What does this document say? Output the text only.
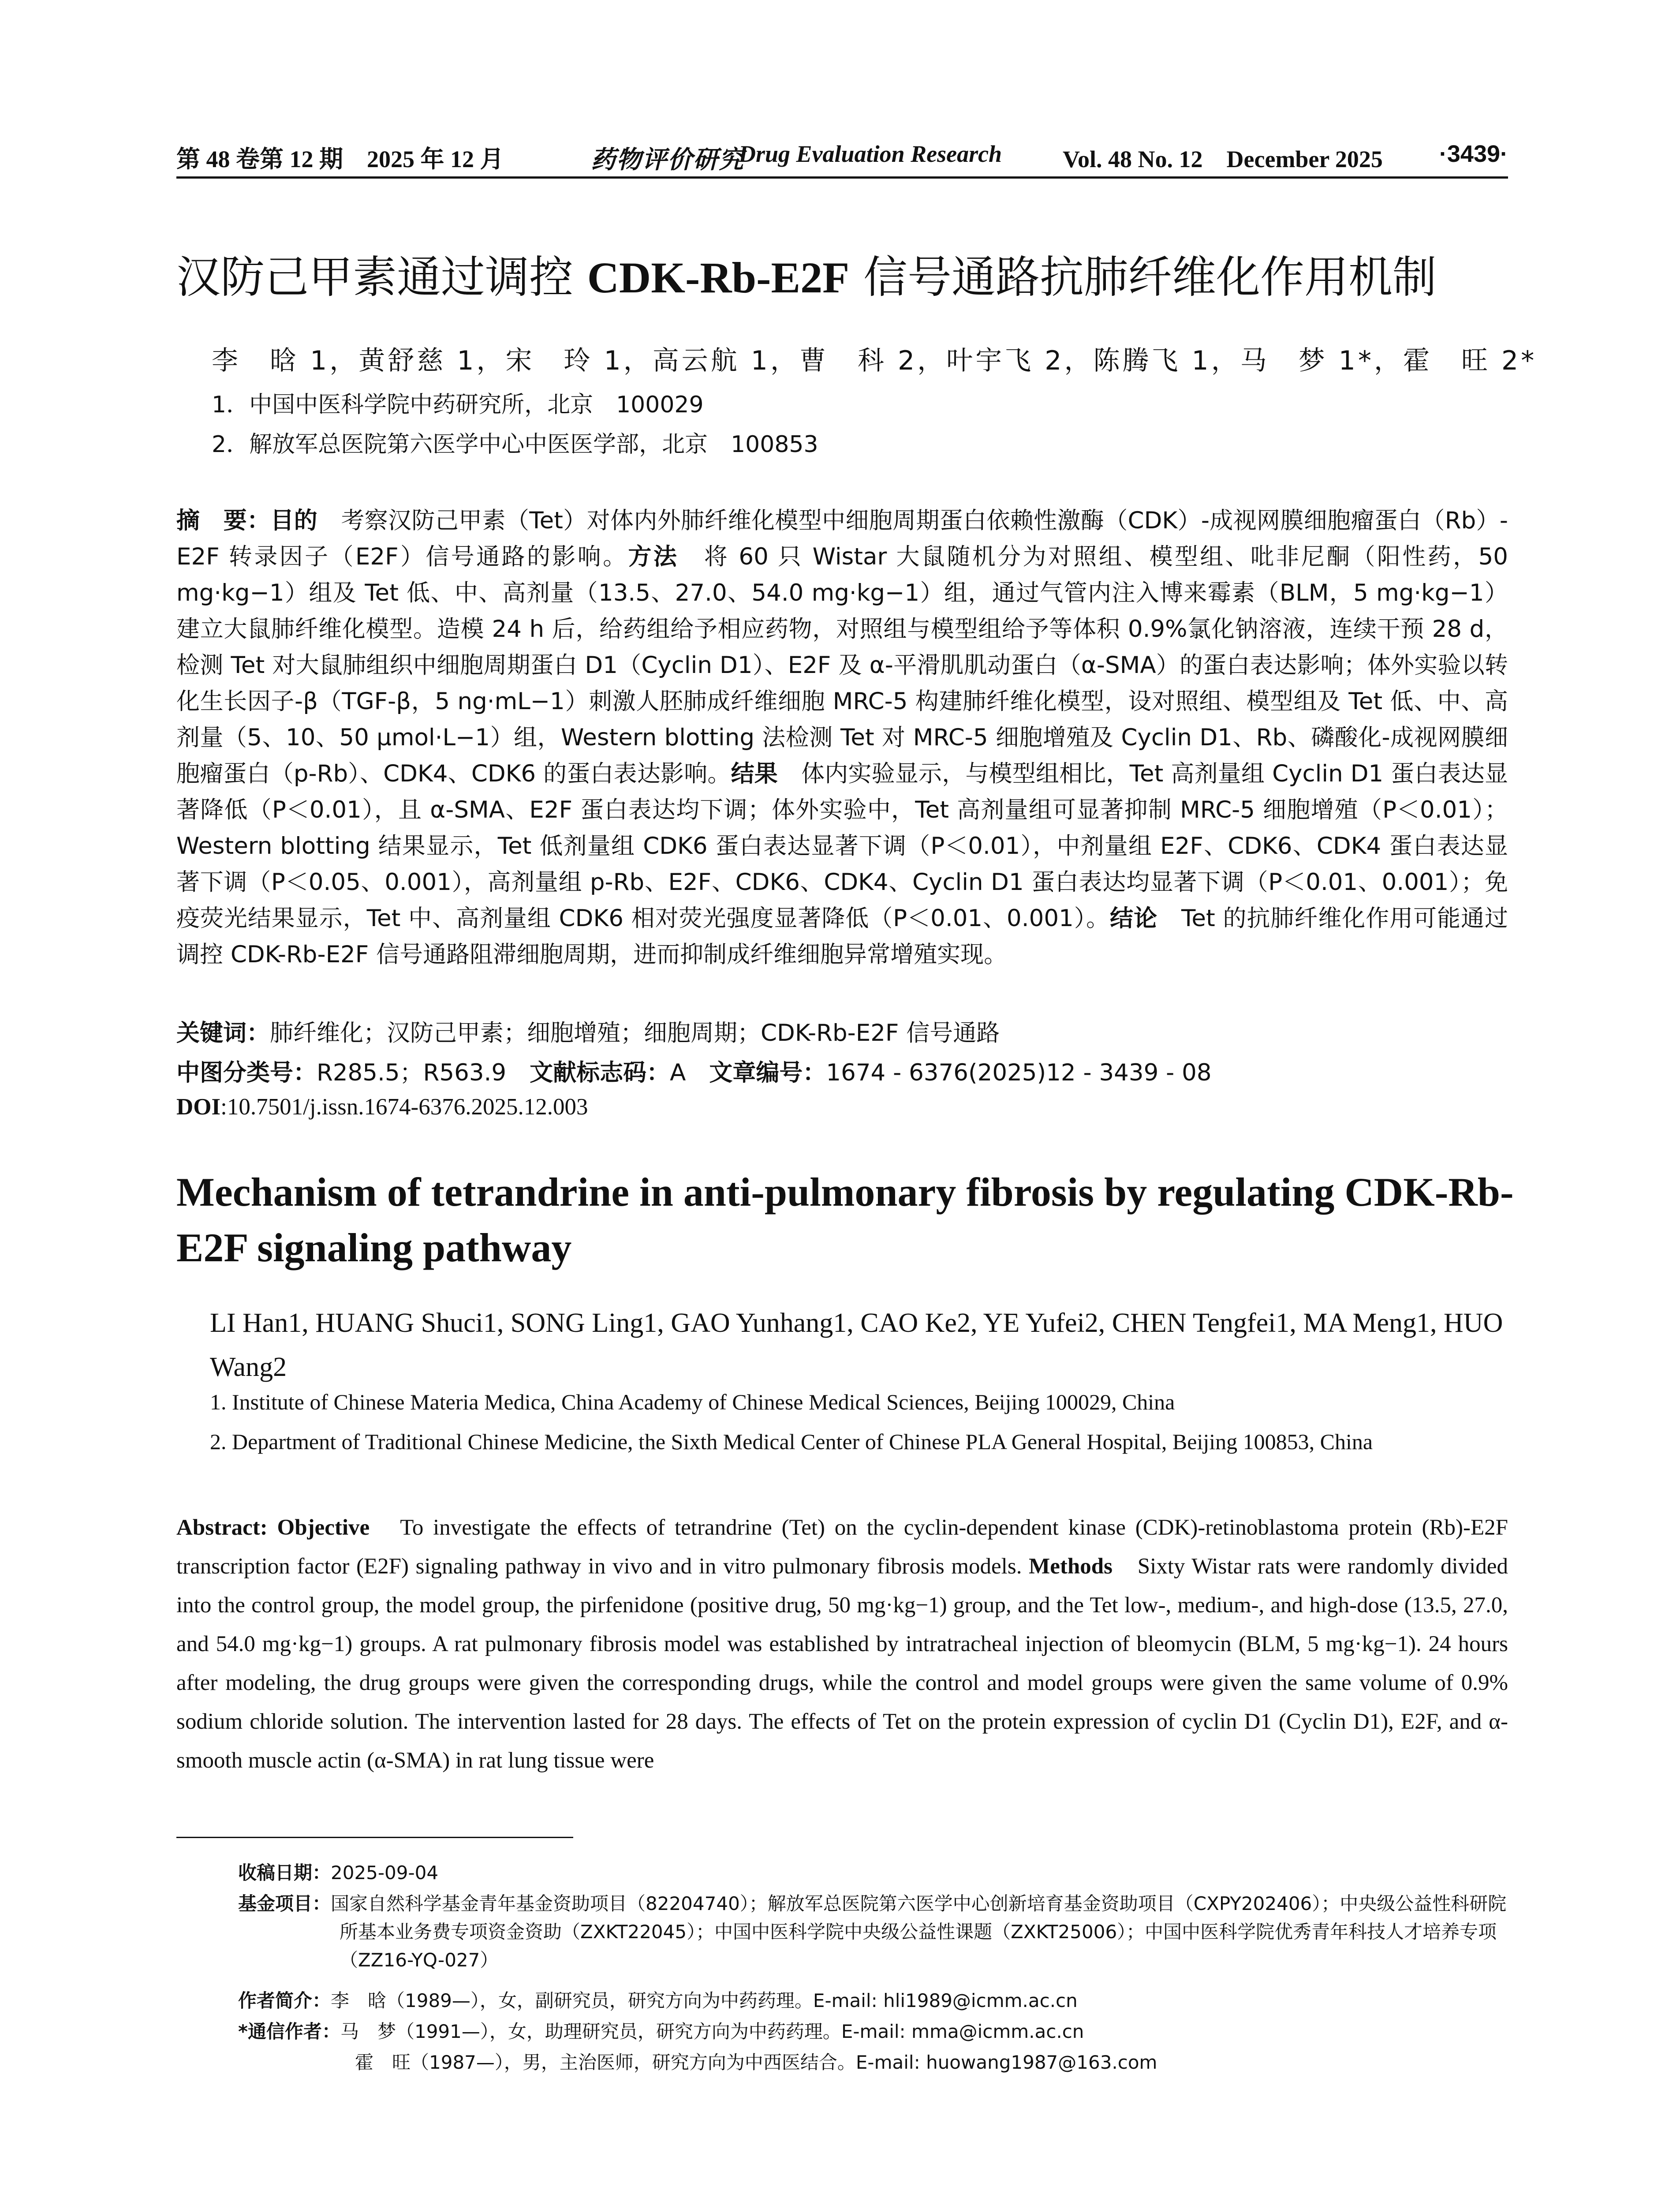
第 48 卷第 12 期　2025 年 12 月	药物评价研究
Drug Evaluation Research	Vol. 48 No. 12　December 2025 ·3439·
汉防己甲素通过调控 CDK-Rb-E2F 信号通路抗肺纤维化作用机制
李　晗 1，黄舒慈 1，宋　玲 1，高云航 1，曹　科 2，叶宇飞 2，陈腾飞 1，马　梦 1*，霍　旺 2*
1．中国中医科学院中药研究所，北京　100029
2．解放军总医院第六医学中心中医医学部，北京　100853
摘　要：目的　考察汉防己甲素（Tet）对体内外肺纤维化模型中细胞周期蛋白依赖性激酶（CDK）-成视网膜细胞瘤蛋白（Rb）-E2F 转录因子（E2F）信号通路的影响。方法　将 60 只 Wistar 大鼠随机分为对照组、模型组、吡非尼酮（阳性药，50 mg·kg−1）组及 Tet 低、中、高剂量（13.5、27.0、54.0 mg·kg−1）组，通过气管内注入博来霉素（BLM，5 mg·kg−1）建立大鼠肺纤维化模型。造模 24 h 后，给药组给予相应药物，对照组与模型组给予等体积 0.9%氯化钠溶液，连续干预 28 d，检测 Tet 对大鼠肺组织中细胞周期蛋白 D1（Cyclin D1）、E2F 及 α-平滑肌肌动蛋白（α-SMA）的蛋白表达影响；体外实验以转化生长因子-β（TGF-β，5 ng·mL−1）刺激人胚肺成纤维细胞 MRC-5 构建肺纤维化模型，设对照组、模型组及 Tet 低、中、高剂量（5、10、50 μmol·L−1）组，Western blotting 法检测 Tet 对 MRC-5 细胞增殖及 Cyclin D1、Rb、磷酸化-成视网膜细胞瘤蛋白（p-Rb）、CDK4、CDK6 的蛋白表达影响。结果　体内实验显示，与模型组相比，Tet 高剂量组 Cyclin D1 蛋白表达显著降低（P＜0.01），且 α-SMA、E2F 蛋白表达均下调；体外实验中，Tet 高剂量组可显著抑制 MRC-5 细胞增殖（P＜0.01）；Western blotting 结果显示，Tet 低剂量组 CDK6 蛋白表达显著下调（P＜0.01），中剂量组 E2F、CDK6、CDK4 蛋白表达显著下调（P＜0.05、0.001），高剂量组 p-Rb、E2F、CDK6、CDK4、Cyclin D1 蛋白表达均显著下调（P＜0.01、0.001）；免疫荧光结果显示，Tet 中、高剂量组 CDK6 相对荧光强度显著降低（P＜0.01、0.001）。结论　Tet 的抗肺纤维化作用可能通过调控 CDK-Rb-E2F 信号通路阻滞细胞周期，进而抑制成纤维细胞异常增殖实现。
关键词：肺纤维化；汉防己甲素；细胞增殖；细胞周期；CDK-Rb-E2F 信号通路
中图分类号：R285.5；R563.9　文献标志码：A　文章编号：1674 - 6376(2025)12 - 3439 - 08
DOI:10.7501/j.issn.1674-6376.2025.12.003
Mechanism of tetrandrine in anti-pulmonary fibrosis by regulating CDK-Rb-E2F signaling pathway
LI Han1, HUANG Shuci1, SONG Ling1, GAO Yunhang1, CAO Ke2, YE Yufei2, CHEN Tengfei1, MA Meng1, HUO Wang2
1. Institute of Chinese Materia Medica, China Academy of Chinese Medical Sciences, Beijing 100029, China
2. Department of Traditional Chinese Medicine, the Sixth Medical Center of Chinese PLA General Hospital, Beijing 100853, China
Abstract: Objective　To investigate the effects of tetrandrine (Tet) on the cyclin-dependent kinase (CDK)-retinoblastoma protein (Rb)-E2F transcription factor (E2F) signaling pathway in vivo and in vitro pulmonary fibrosis models. Methods　Sixty Wistar rats were randomly divided into the control group, the model group, the pirfenidone (positive drug, 50 mg·kg−1) group, and the Tet low-, medium-, and high-dose (13.5, 27.0, and 54.0 mg·kg−1) groups. A rat pulmonary fibrosis model was established by intratracheal injection of bleomycin (BLM, 5 mg·kg−1). 24 hours after modeling, the drug groups were given the corresponding drugs, while the control and model groups were given the same volume of 0.9% sodium chloride solution. The intervention lasted for 28 days. The effects of Tet on the protein expression of cyclin D1 (Cyclin D1), E2F, and α-smooth muscle actin (α-SMA) in rat lung tissue were
收稿日期：2025-09-04
基金项目：国家自然科学基金青年基金资助项目（82204740）；解放军总医院第六医学中心创新培育基金资助项目（CXPY202406）；中央级公益性科研院所基本业务费专项资金资助（ZXKT22045）；中国中医科学院中央级公益性课题（ZXKT25006）；中国中医科学院优秀青年科技人才培养专项（ZZ16-YQ-027）
作者简介：李　晗（1989—），女，副研究员，研究方向为中药药理。E-mail: hli1989@icmm.ac.cn
*通信作者：马　梦（1991—），女，助理研究员，研究方向为中药药理。E-mail: mma@icmm.ac.cn
霍　旺（1987—），男，主治医师，研究方向为中西医结合。E-mail: huowang1987@163.com
